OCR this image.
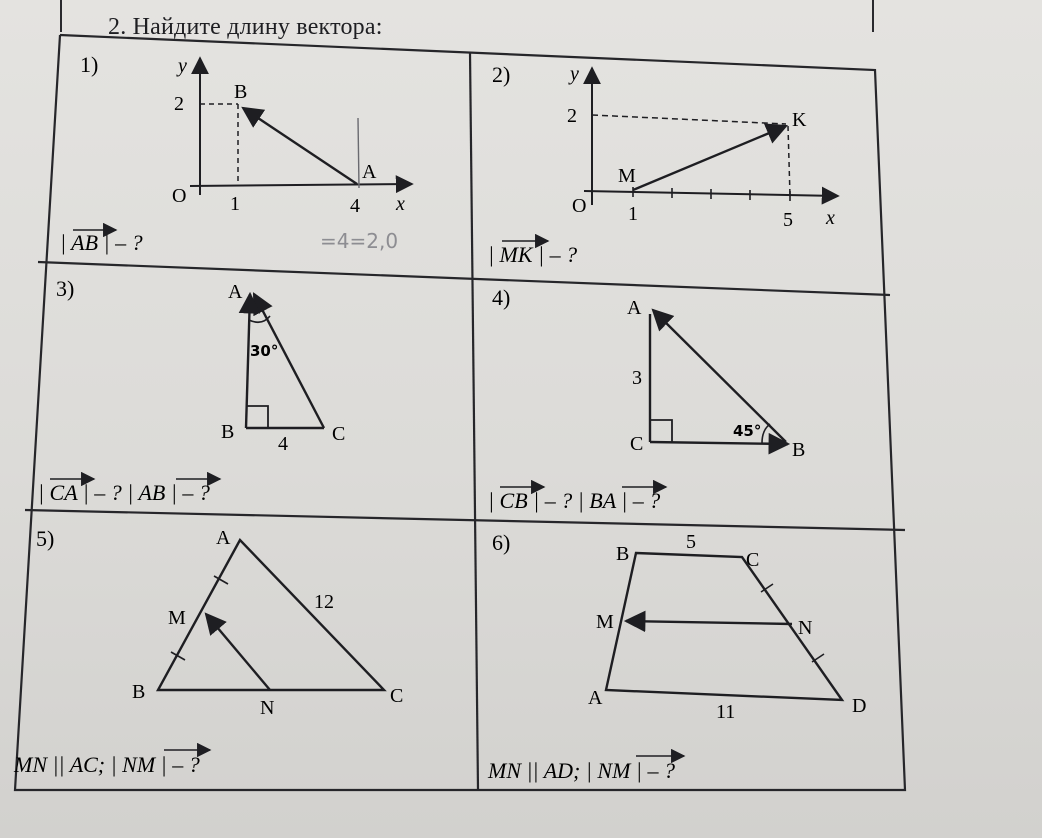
2. Найдите длину вектора:
1)	y
x
O
2
1	4
B
A
| AB | – ?	=4=2,0
2)	y
x
O
2
1	5
M
K
| MK | – ?
3)
30°
A
B	C
4
| CA | – ? | AB | – ?
4)
45°
A
C	B
3
| CB | – ? | BA | – ?
5)	A
B	C
M
N
12
MN || AC; | NM | – ?
6)	B	C
M	N
A	D
5
11
MN || AD; | NM | – ?
